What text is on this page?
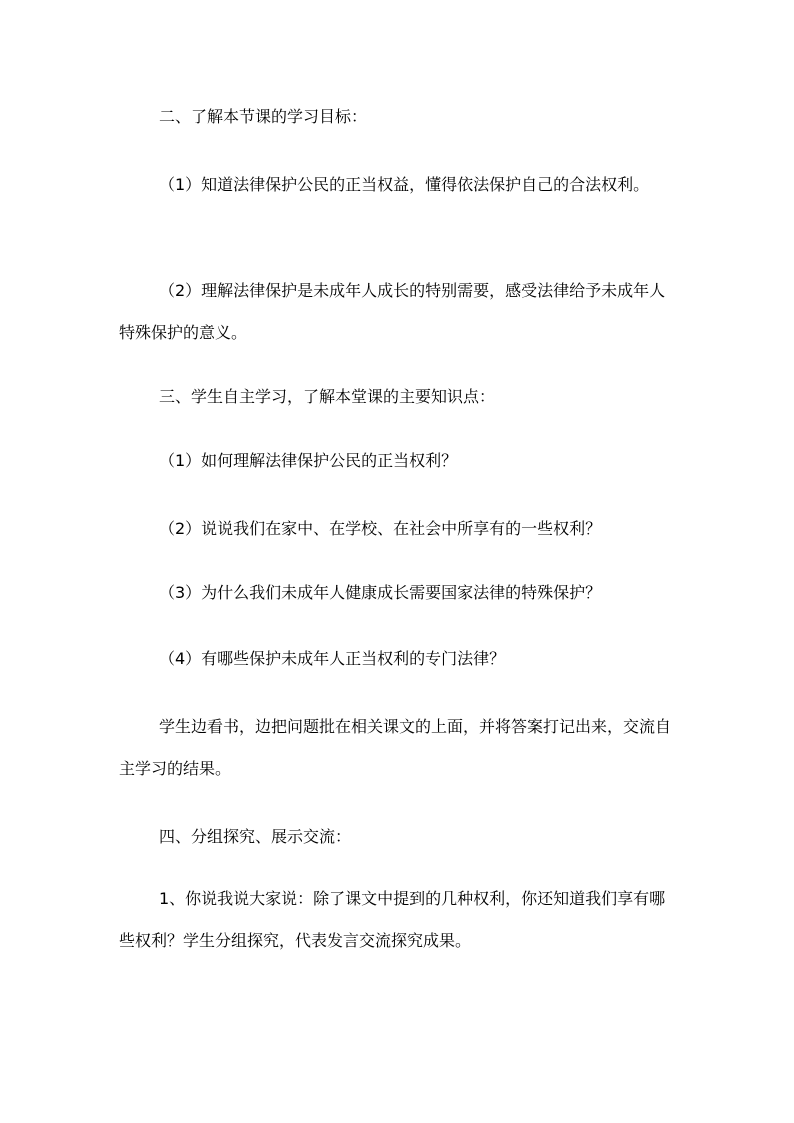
二、了解本节课的学习目标：

（1）知道法律保护公民的正当权益，懂得依法保护自己的合法权利。

（2）理解法律保护是未成年人成长的特别需要，感受法律给予未成年人特殊保护的意义。

三、学生自主学习，了解本堂课的主要知识点：

（1）如何理解法律保护公民的正当权利？

（2）说说我们在家中、在学校、在社会中所享有的一些权利？

（3）为什么我们未成年人健康成长需要国家法律的特殊保护？

（4）有哪些保护未成年人正当权利的专门法律？

学生边看书，边把问题批在相关课文的上面，并将答案打记出来，交流自主学习的结果。

四、分组探究、展示交流：

1、你说我说大家说：除了课文中提到的几种权利，你还知道我们享有哪些权利？学生分组探究，代表发言交流探究成果。
